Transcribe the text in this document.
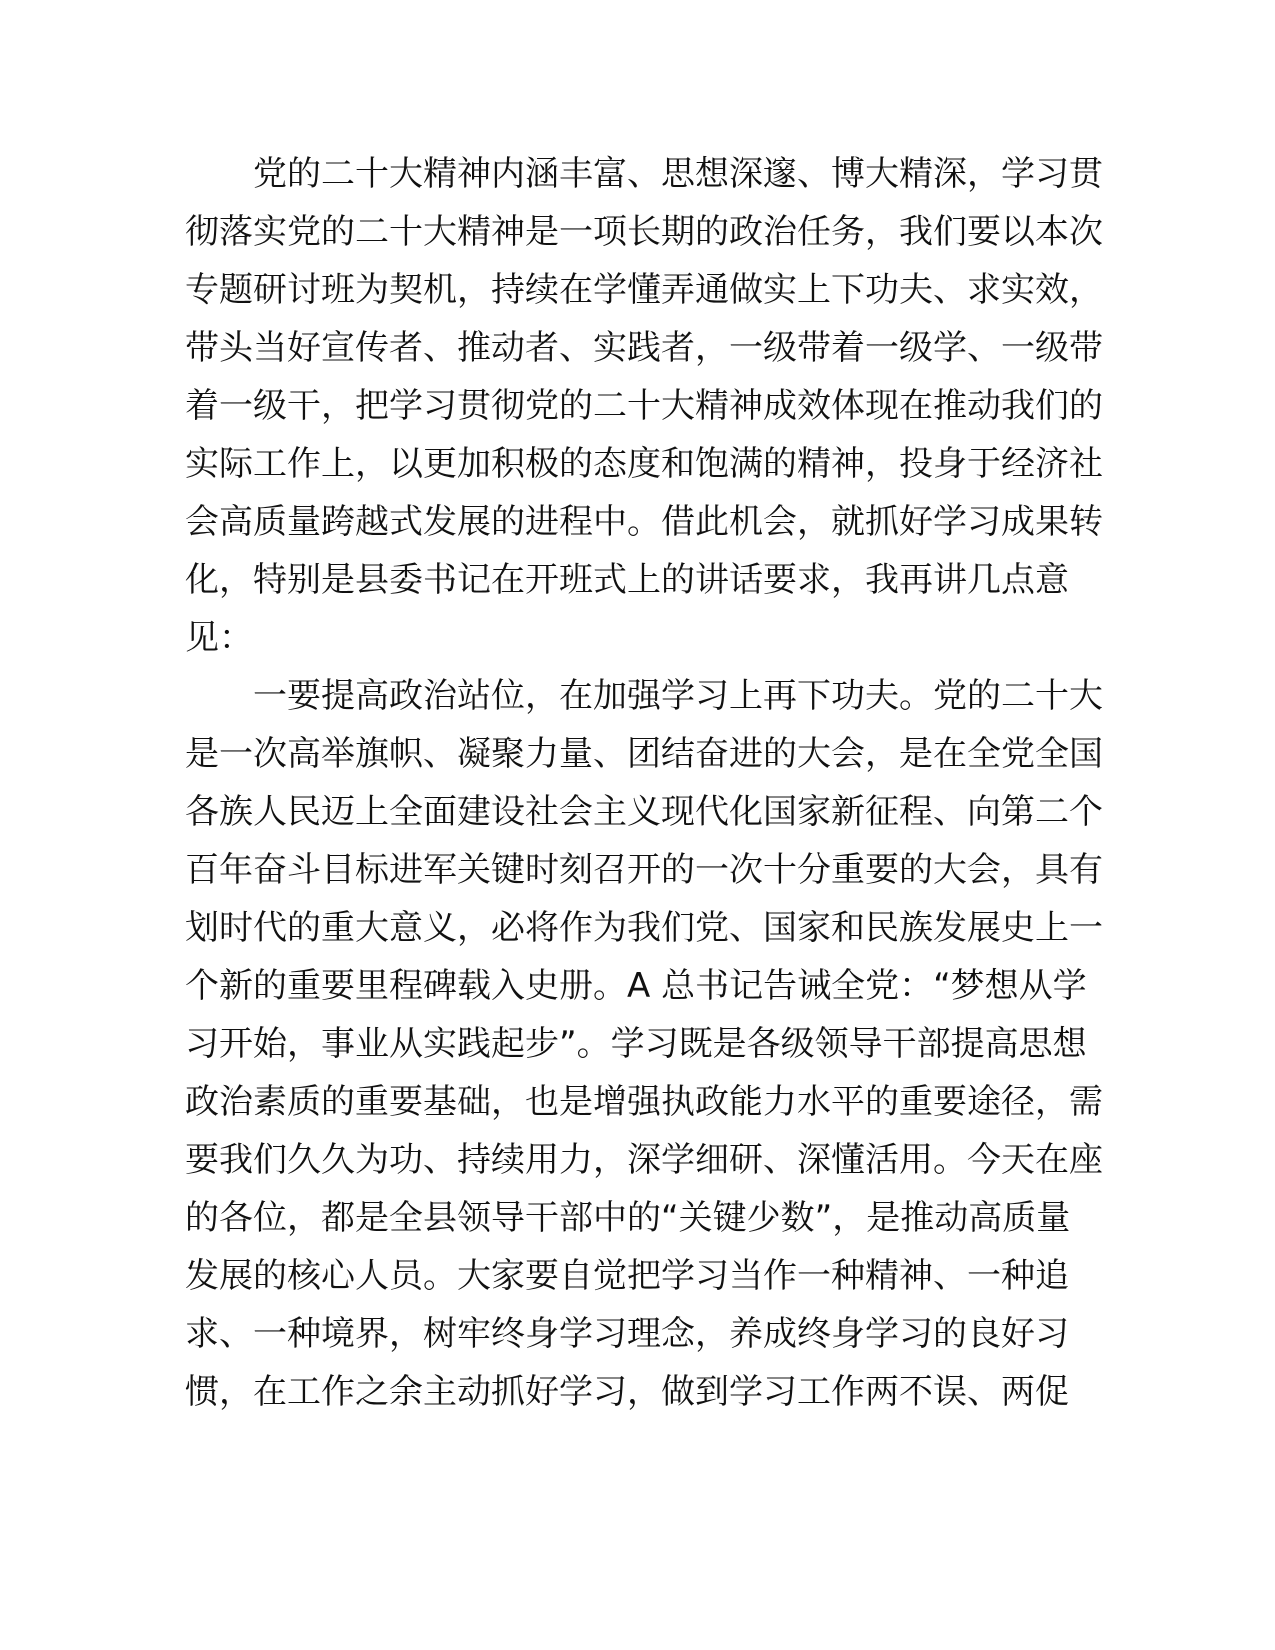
党的二十大精神内涵丰富、思想深邃、博大精深，学习贯
彻落实党的二十大精神是一项长期的政治任务，我们要以本次
专题研讨班为契机，持续在学懂弄通做实上下功夫、求实效，
带头当好宣传者、推动者、实践者，一级带着一级学、一级带
着一级干，把学习贯彻党的二十大精神成效体现在推动我们的
实际工作上，以更加积极的态度和饱满的精神，投身于经济社
会高质量跨越式发展的进程中。借此机会，就抓好学习成果转
化，特别是县委书记在开班式上的讲话要求，我再讲几点意
见：

一要提高政治站位，在加强学习上再下功夫。党的二十大
是一次高举旗帜、凝聚力量、团结奋进的大会，是在全党全国
各族人民迈上全面建设社会主义现代化国家新征程、向第二个
百年奋斗目标进军关键时刻召开的一次十分重要的大会，具有
划时代的重大意义，必将作为我们党、国家和民族发展史上一
个新的重要里程碑载入史册。A 总书记告诫全党：“梦想从学
习开始，事业从实践起步”。学习既是各级领导干部提高思想
政治素质的重要基础，也是增强执政能力水平的重要途径，需
要我们久久为功、持续用力，深学细研、深懂活用。今天在座
的各位，都是全县领导干部中的“关键少数”，是推动高质量
发展的核心人员。大家要自觉把学习当作一种精神、一种追
求、一种境界，树牢终身学习理念，养成终身学习的良好习
惯，在工作之余主动抓好学习，做到学习工作两不误、两促
